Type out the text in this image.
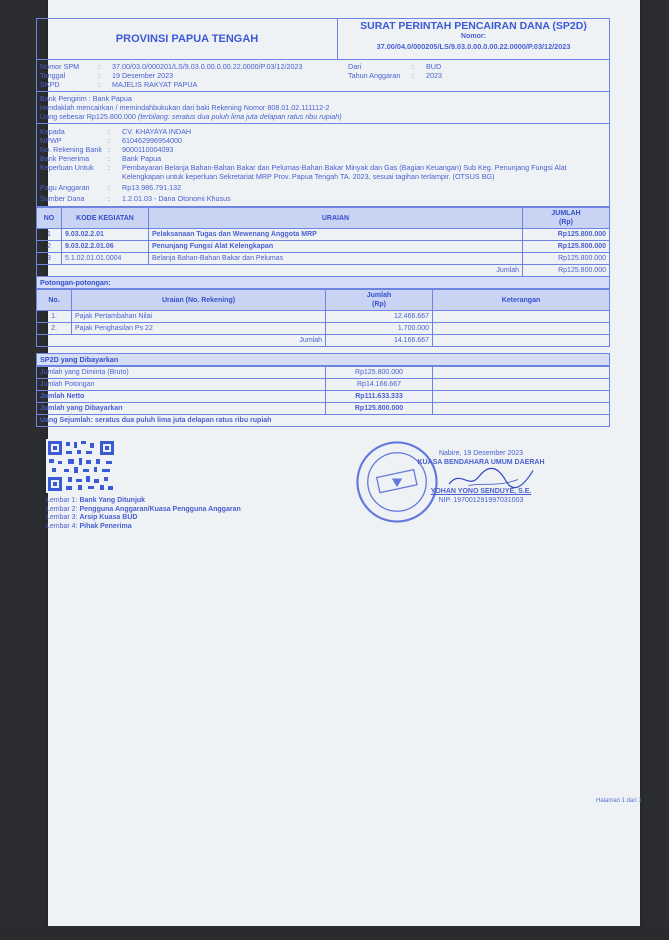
PROVINSI PAPUA TENGAH
SURAT PERINTAH PENCAIRAN DANA (SP2D)
Nomor:
37.00/04.0/000205/LS/9.03.0.00.0.00.22.0000/P.03/12/2023
Nomor SPM	:	37.00/03.0/000201/LS/9.03.0.00.0.00.22.0000/P.03/12/2023
Tanggal	:	19 Desember 2023
SKPD	:	MAJELIS RAKYAT PAPUA
Dari	:	BUD
Tahun Anggaran	:	2023
Bank Pengirim : Bank Papua
Hendaklah mencairkan / memindahbukukan dari baki Rekening Nomor 808.01.02.111112-2
Uang sebesar Rp125.800.000 (terbilang: seratus dua puluh lima juta delapan ratus ribu rupiah)
Kepada	:	CV. KHAYAYA INDAH
NPWP	:	610462996954000
No. Rekening Bank :	9000110004093
Bank Penerima	:	Bank Papua
Keperluan Untuk	:	Pembayaran Belanja Bahan-Bahan Bakar dan Pelumas-Bahan Bakar Minyak dan Gas (Bagian Keuangan) Sub Keg. Penunjang Fungsi Alat Kelengkapan untuk keperluan Sekretariat MRP Prov. Papua Tengah TA. 2023, sesuai tagihan terlampir. (OTSUS BG)
Pagu Anggaran	:	Rp13.986.791.132
Sumber Dana	:	1.2.01.03 - Dana Otonomi Khusus
NO	KODE KEGIATAN	URAIAN	JUMLAH
(Rp)

1	9.03.02.2.01	Pelaksanaan Tugas dan Wewenang Anggota MRP	Rp125.800.000
2	9.03.02.2.01.06	Penunjang Fungsi Alat Kelengkapan	Rp125.800.000
3	5.1.02.01.01.0004	Belanja Bahan-Bahan Bakar dan Pelumas	Rp125.800.000
Jumlah			Rp125.800.000
Potongan-potongan:
No.	Uraian (No. Rekening)	Jumlah
(Rp)	Keterangan
1.	Pajak Pertambahan Nilai	12.466.667	
2.	Pajak Penghasilan Ps 22	1.700.000	
Jumlah		14.166.667	
SP2D yang Dibayarkan
Jumlah yang Diminta (Bruto)	Rp125.800.000	
Jumlah Potongan	Rp14.166.667	
Jumlah Netto	Rp111.633.333	
Jumlah yang Dibayarkan	Rp125.800.000	
Uang Sejumlah: seratus dua puluh lima juta delapan ratus ribu rupiah		
Nabire, 19 Desember 2023
KUASA BENDAHARA UMUM DAERAH
YOHAN YONO SENDUYE, S.E.
NIP. 197001291997031003
Lembar 1: Bank Yang Ditunjuk
Lembar 2: Pengguna Anggaran/Kuasa Pengguna Anggaran
Lembar 3: Arsip Kuasa BUD
Lembar 4: Pihak Penerima
Halaman 1 dari 1
